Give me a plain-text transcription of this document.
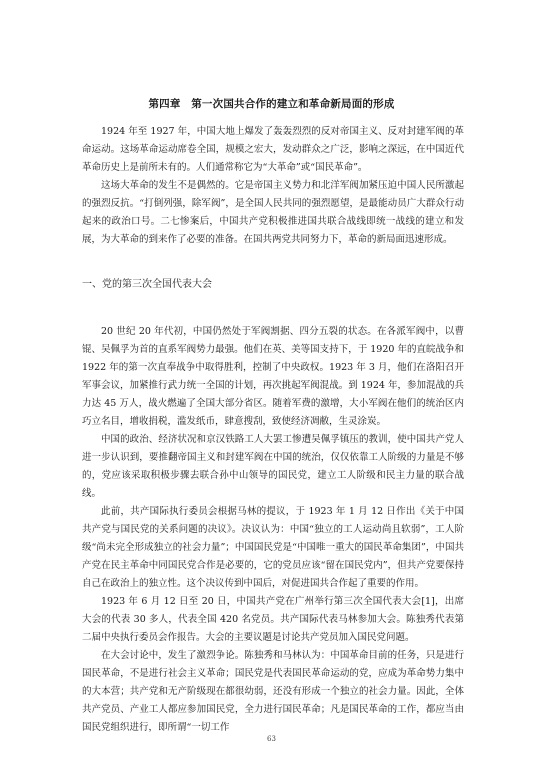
第四章　第一次国共合作的建立和革命新局面的形成

1924 年至 1927 年，中国大地上爆发了轰轰烈烈的反对帝国主义、反对封建军阀的革命运动。这场革命运动席卷全国，规模之宏大，发动群众之广泛，影响之深远，在中国近代革命历史上是前所未有的。人们通常称它为“大革命”或“国民革命”。

这场大革命的发生不是偶然的。它是帝国主义势力和北洋军阀加紧压迫中国人民所激起的强烈反抗。“打倒列强，除军阀”，是全国人民共同的强烈愿望，是最能动员广大群众行动起来的政治口号。二七惨案后，中国共产党积极推进国共联合战线即统一战线的建立和发展，为大革命的到来作了必要的准备。在国共两党共同努力下，革命的新局面迅速形成。

一、党的第三次全国代表大会

20 世纪 20 年代初，中国仍然处于军阀割据、四分五裂的状态。在各派军阀中，以曹锟、吴佩孚为首的直系军阀势力最强。他们在英、美等国支持下，于 1920 年的直皖战争和 1922 年的第一次直奉战争中取得胜利，控制了中央政权。1923 年 3 月，他们在洛阳召开军事会议，加紧推行武力统一全国的计划，再次挑起军阀混战。到 1924 年，参加混战的兵力达 45 万人，战火燃遍了全国大部分省区。随着军费的激增，大小军阀在他们的统治区内巧立名目，增收捐税，滥发纸币，肆意搜刮，致使经济凋敝，生灵涂炭。

中国的政治、经济状况和京汉铁路工人大罢工惨遭吴佩孚镇压的教训，使中国共产党人进一步认识到，要推翻帝国主义和封建军阀在中国的统治，仅仅依靠工人阶级的力量是不够的，党应该采取积极步骤去联合孙中山领导的国民党，建立工人阶级和民主力量的联合战线。

此前，共产国际执行委员会根据马林的提议，于 1923 年 1 月 12 日作出《关于中国共产党与国民党的关系问题的决议》。决议认为：中国“独立的工人运动尚且软弱”，工人阶级“尚未完全形成独立的社会力量”；中国国民党是“中国唯一重大的国民革命集团”，中国共产党在民主革命中同国民党合作是必要的，它的党员应该“留在国民党内”，但共产党要保持自己在政治上的独立性。这个决议传到中国后，对促进国共合作起了重要的作用。

1923 年 6 月 12 日至 20 日，中国共产党在广州举行第三次全国代表大会[1]，出席大会的代表 30 多人，代表全国 420 名党员。共产国际代表马林参加大会。陈独秀代表第二届中央执行委员会作报告。大会的主要议题是讨论共产党员加入国民党问题。

在大会讨论中，发生了激烈争论。陈独秀和马林认为：中国革命目前的任务，只是进行国民革命，不是进行社会主义革命；国民党是代表国民革命运动的党，应成为革命势力集中的大本营；共产党和无产阶级现在都很幼弱，还没有形成一个独立的社会力量。因此，全体共产党员、产业工人都应参加国民党，全力进行国民革命；凡是国民革命的工作，都应当由国民党组织进行，即所谓“一切工作

63
